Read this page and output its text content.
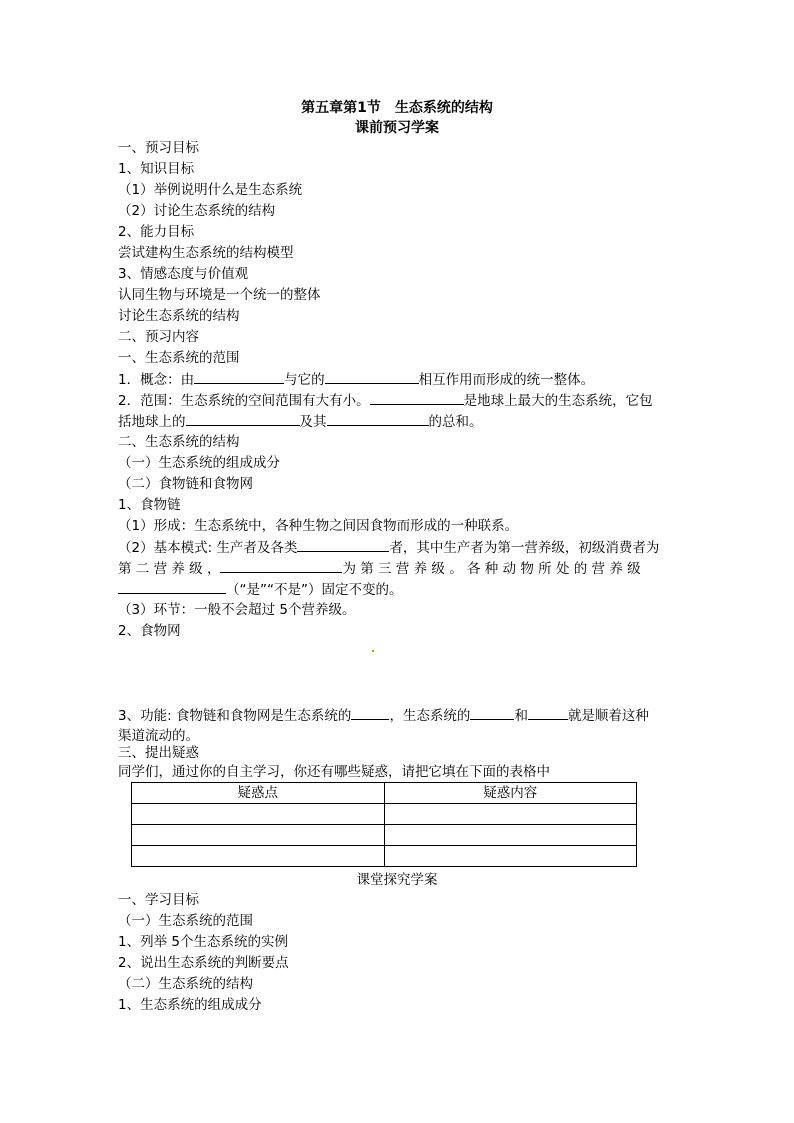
第五章第1节　生态系统的结构
课前预习学案
一、预习目标
1、知识目标
（1）举例说明什么是生态系统
（2）讨论生态系统的结构
2、能力目标
尝试建构生态系统的结构模型
3、情感态度与价值观
认同生物与环境是一个统一的整体
讨论生态系统的结构
二、预习内容
一、生态系统的范围
1．概念：由	与它的	相互作用而形成的统一整体。
2．范围：生态系统的空间范围有大有小。	是地球上最大的生态系统，它包
括地球上的	及其	的总和。
二、生态系统的结构
（一）生态系统的组成成分
（二）食物链和食物网
1、食物链
（1）形成：生态系统中，各种生物之间因食物而形成的一种联系。
（2）基本模式: 生产者及各类	者，其中生产者为第一营养级，初级消费者为
第 二 营 养 级 ，	为 第 三 营 养 级 。 各 种 动 物 所 处 的 营 养 级
（“是”“不是”）固定不变的。
（3）环节：一般不会超过 5个营养级。
2、食物网
3、功能: 食物链和食物网是生态系统的	，生态系统的	和	就是顺着这种
渠道流动的。
三、提出疑惑
同学们，通过你的自主学习，你还有哪些疑惑，请把它填在下面的表格中
疑惑点	疑惑内容

课堂探究学案
一、学习目标
（一）生态系统的范围
1、列举 5个生态系统的实例
2、说出生态系统的判断要点
（二）生态系统的结构
1、生态系统的组成成分
